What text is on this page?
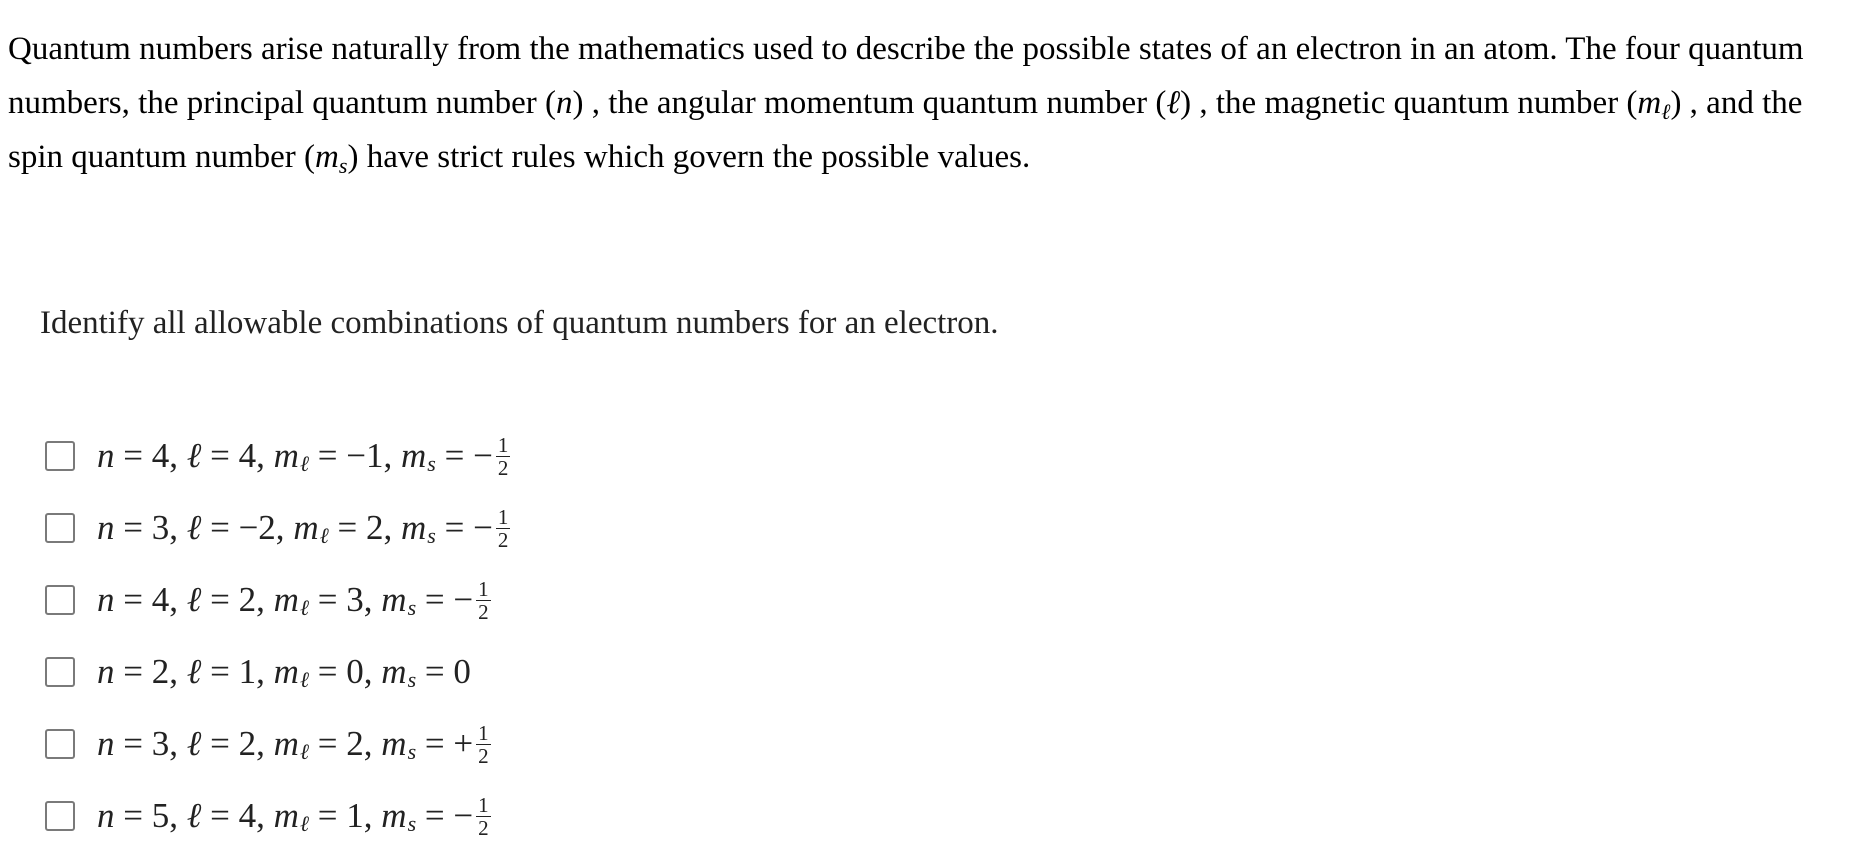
Quantum numbers arise naturally from the mathematics used to describe the possible states of an electron in an atom. The four quantum numbers, the principal quantum number (n) , the angular momentum quantum number (ℓ) , the magnetic quantum number $(m_\ell)$ , and the spin quantum number $(m_s)$ have strict rules which govern the possible values.
Identify all allowable combinations of quantum numbers for an electron.
n = 4, ℓ = 4, m ℓ = −1, m s = − $\frac{1}{2}$
n = 3, ℓ = −2, m ℓ = 2, m s = − $\frac{1}{2}$
n = 4, ℓ = 2, m ℓ = 3, m s = − $\frac{1}{2}$
n = 2, ℓ = 1, m ℓ = 0, m s = 0
n = 3, ℓ = 2, m ℓ = 2, m s = + $\frac{1}{2}$
n = 5, ℓ = 4, m ℓ = 1, m s = − $\frac{1}{2}$
